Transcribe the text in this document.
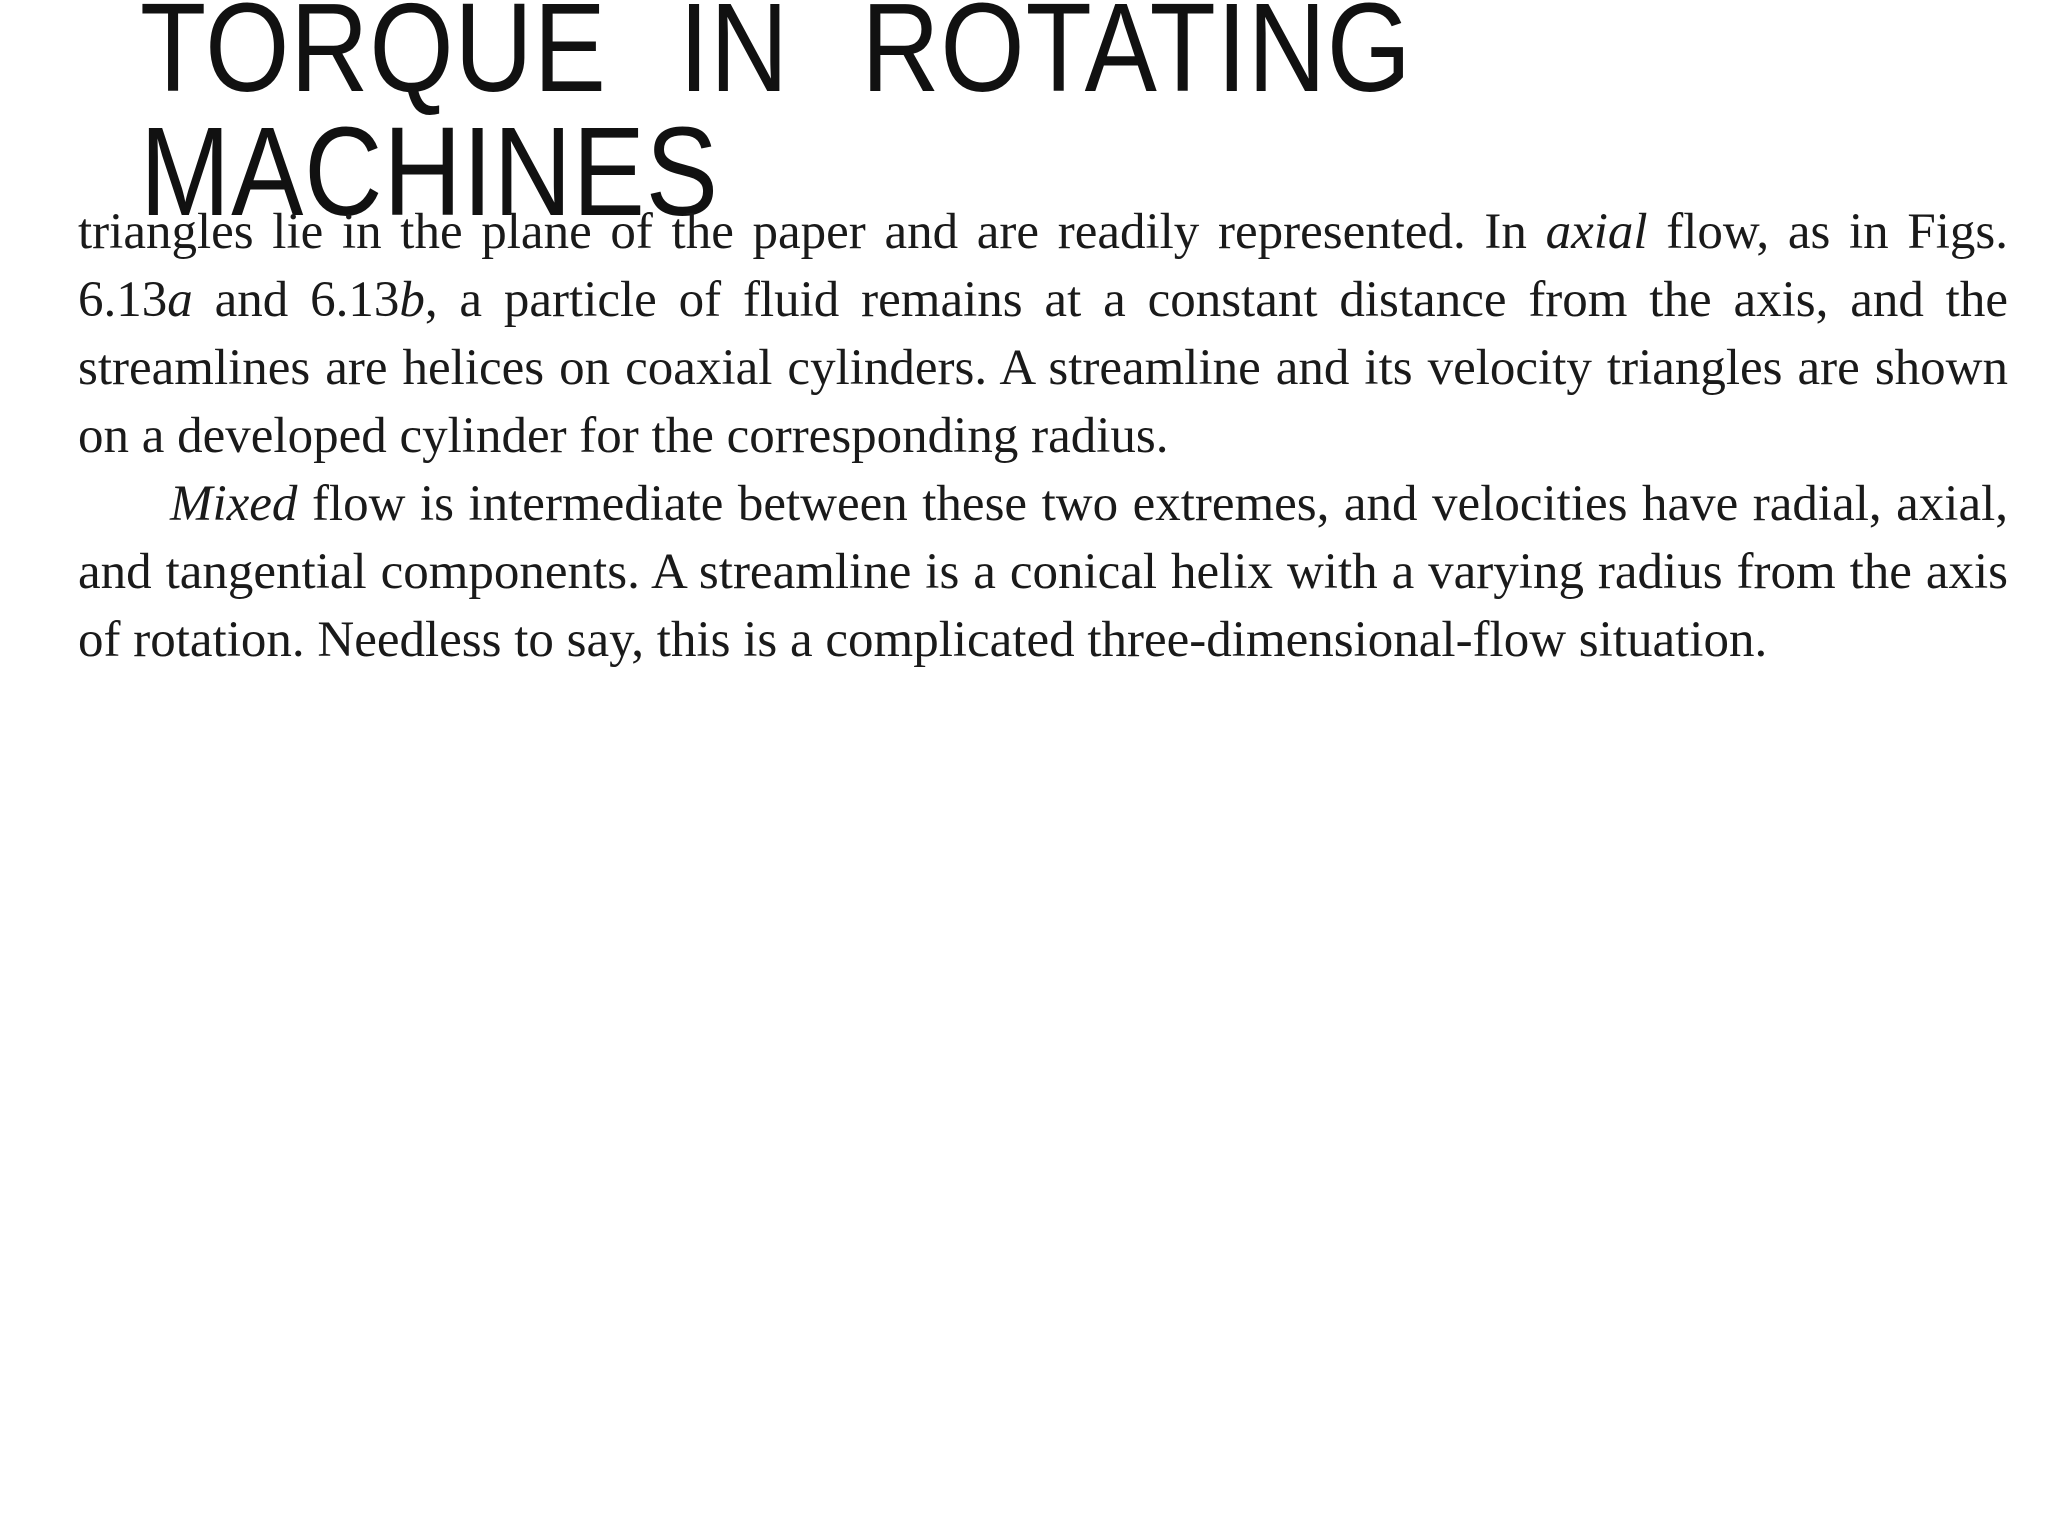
TORQUE IN ROTATING MACHINES

triangles lie in the plane of the paper and are readily represented. In axial flow, as in Figs. 6.13a and 6.13b, a particle of fluid remains at a constant distance from the axis, and the streamlines are helices on coaxial cylinders. A streamline and its velocity triangles are shown on a developed cylinder for the corresponding radius.

Mixed flow is intermediate between these two extremes, and velocities have radial, axial, and tangential components. A streamline is a conical helix with a varying radius from the axis of rotation. Needless to say, this is a complicated three-dimensional-flow situation.
